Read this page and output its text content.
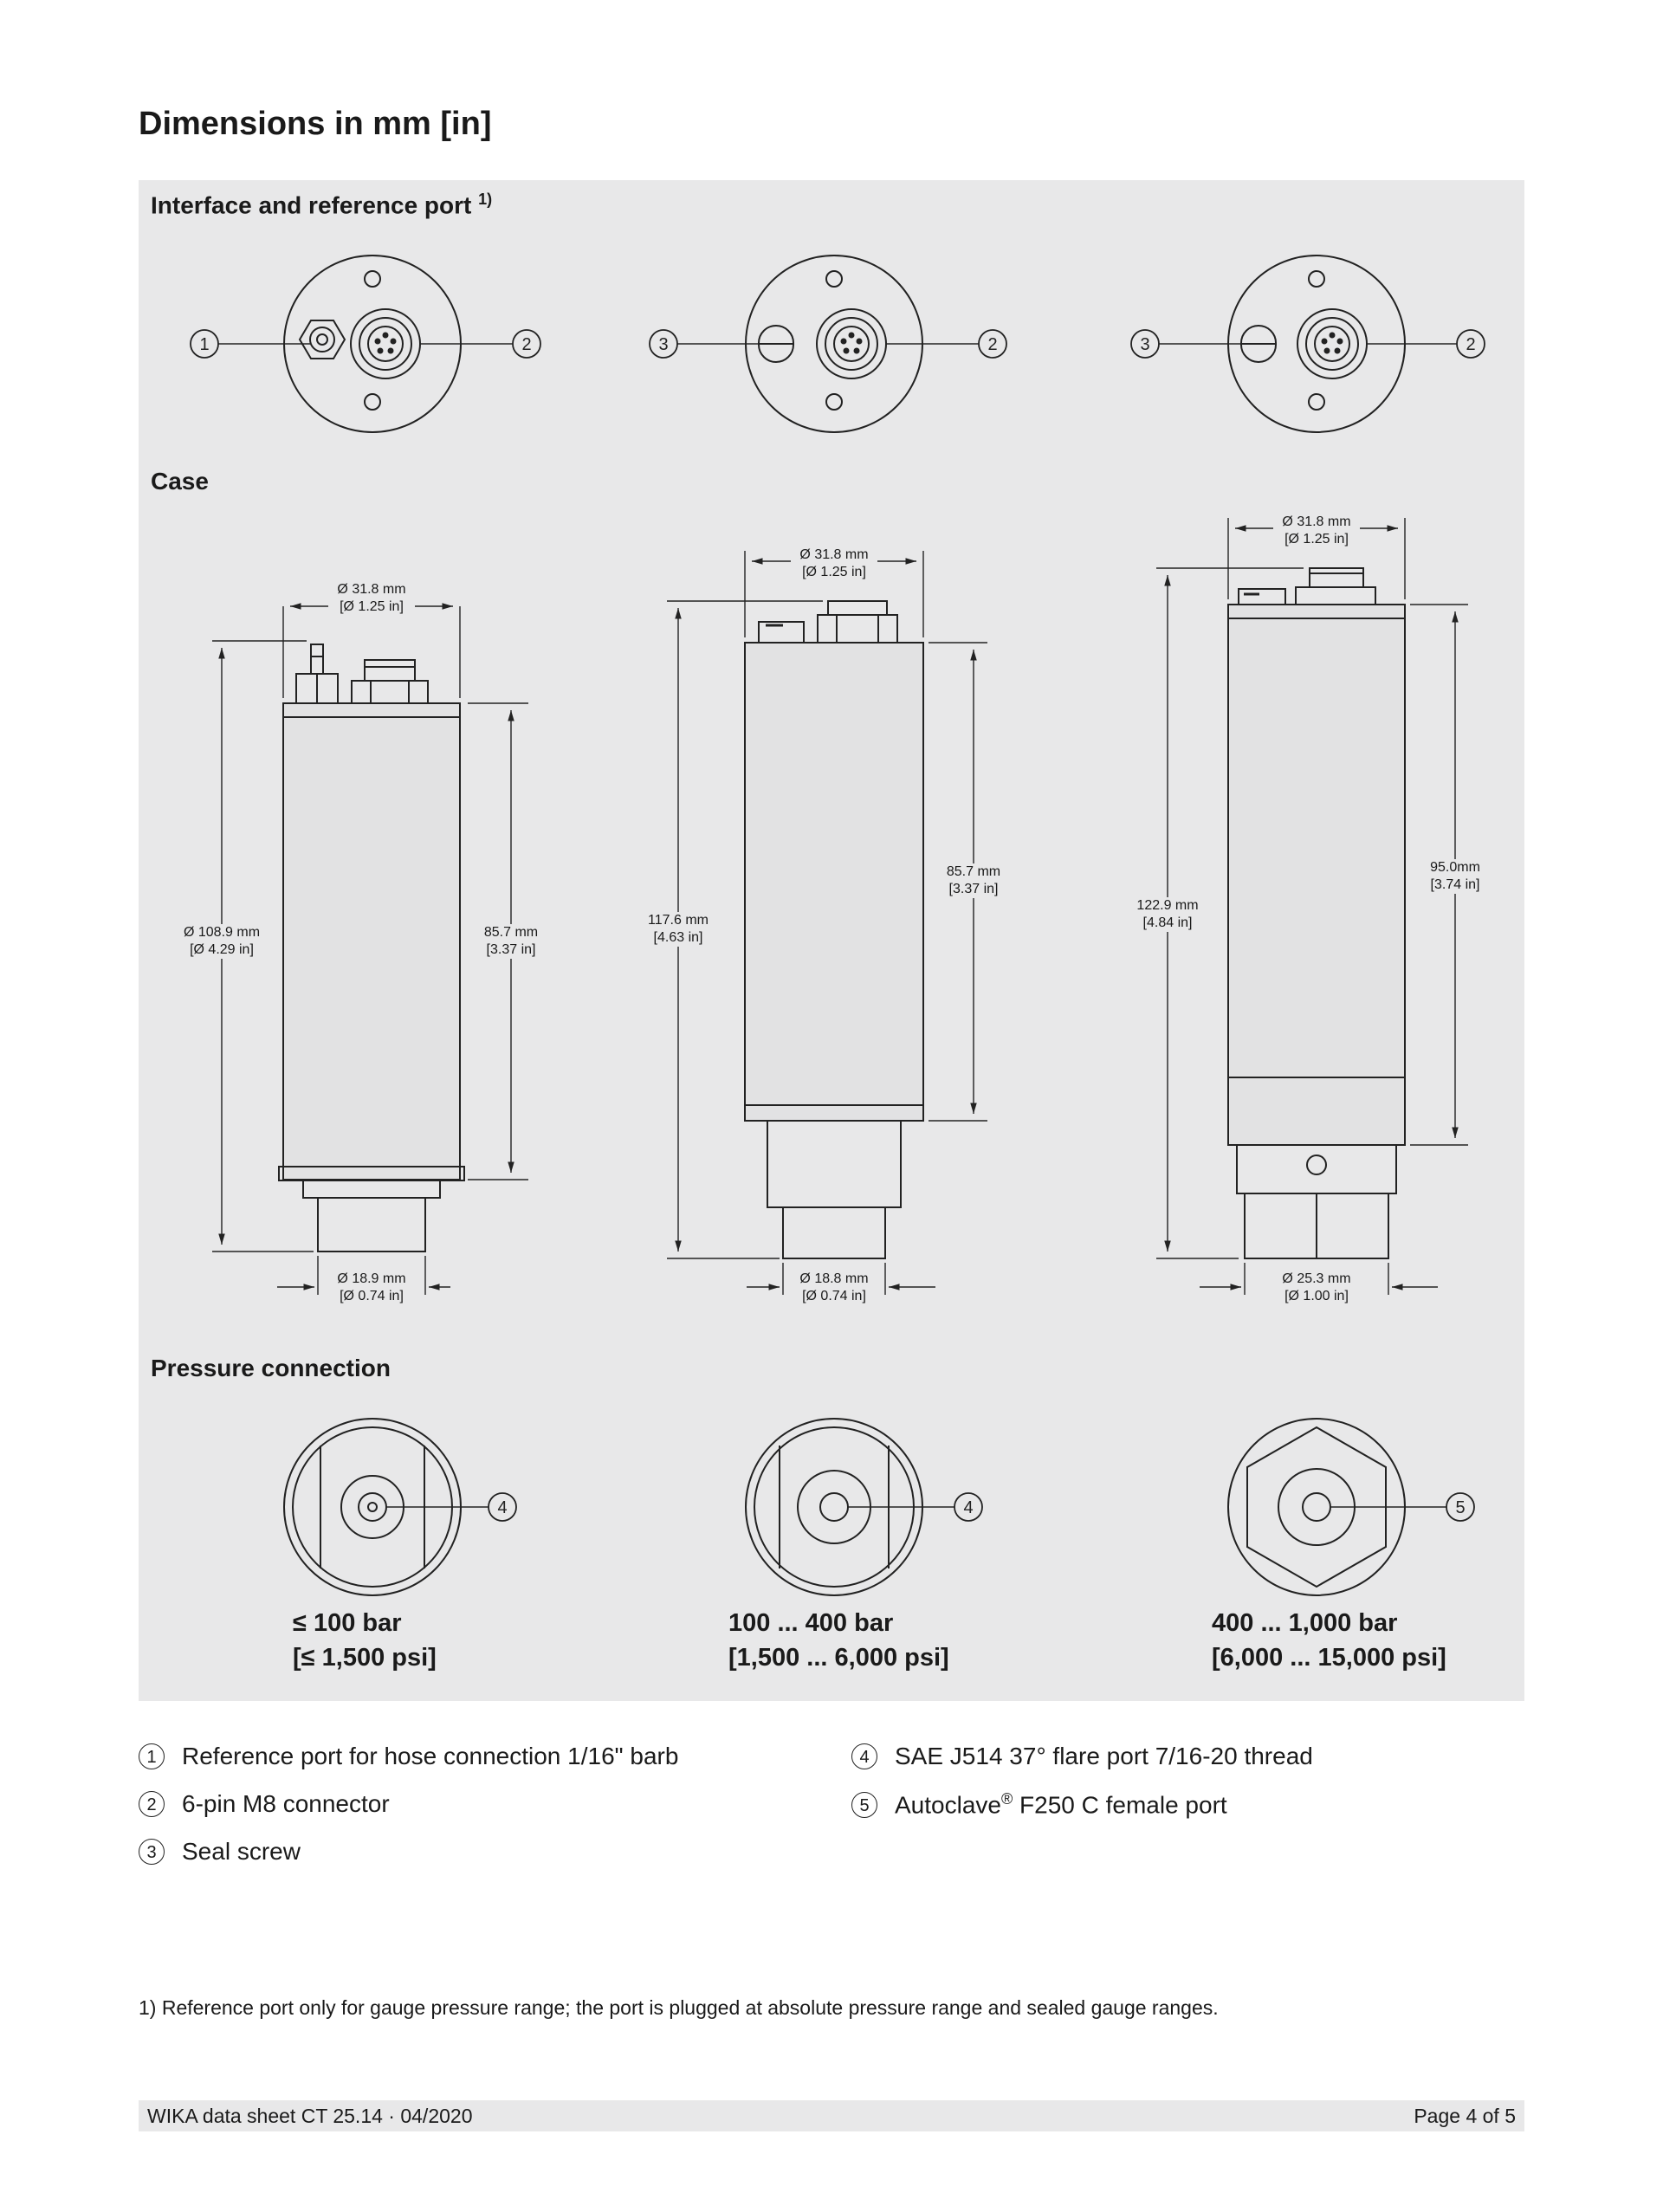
Dimensions in mm [in]
Interface and reference port $^{1)}$
Case
Pressure connection
1	2	3	2	3	2
4	4	5
Ø 31.8 mm
[Ø 1.25 in]
Ø 108.9 mm
[Ø 4.29 in]
85.7 mm
[3.37 in]
Ø 18.9 mm
[Ø 0.74 in]
Ø 31.8 mm
[Ø 1.25 in]
117.6 mm
[4.63 in]
85.7 mm
[3.37 in]
Ø 18.8 mm
[Ø 0.74 in]
Ø 31.8 mm
[Ø 1.25 in]
122.9 mm
[4.84 in]
95.0mm
[3.74 in]
Ø 25.3 mm
[Ø 1.00 in]
≤ 100 bar
[≤ 1,500 psi]
100 ... 400 bar
[1,500 ... 6,000 psi]
400 ... 1,000 bar
[6,000 ... 15,000 psi]
1	Reference port for hose connection 1/16" barb
2	6-pin M8 connector
3	Seal screw
4	SAE J514 37° flare port 7/16-20 thread
5	Autoclave® F250 C female port
1) Reference port only for gauge pressure range; the port is plugged at absolute pressure range and sealed gauge ranges.
WIKA data sheet CT 25.14 · 04/2020	Page 4 of 5
